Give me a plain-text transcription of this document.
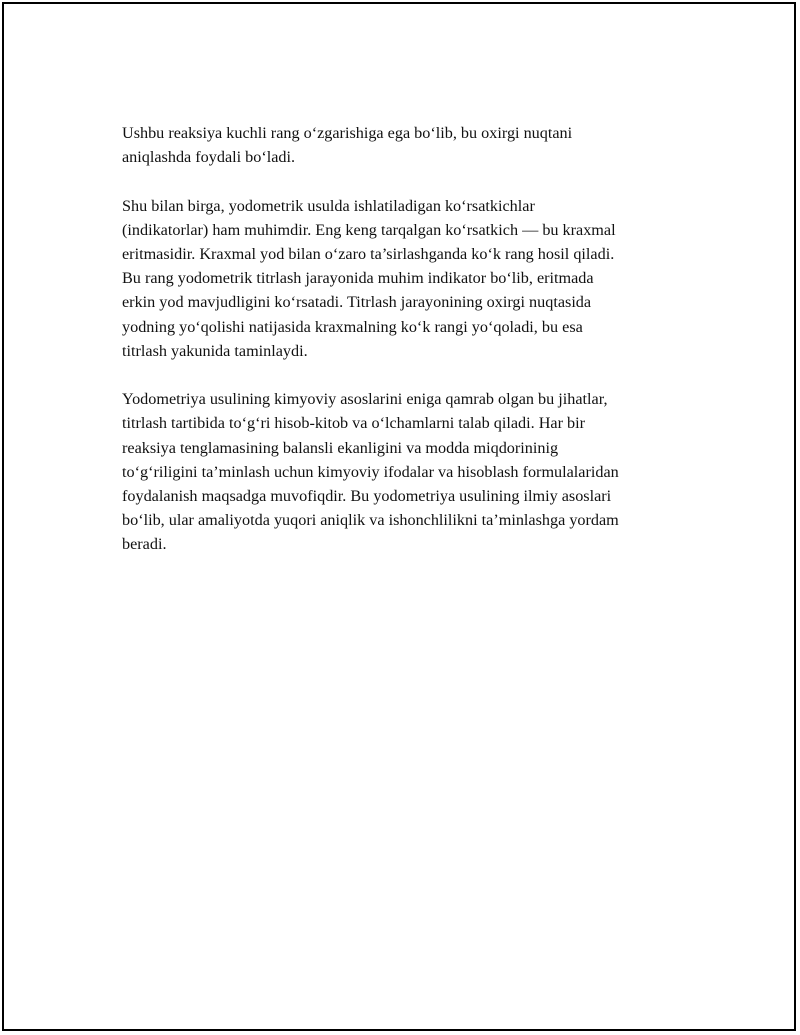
Ushbu reaksiya kuchli rang o‘zgarishiga ega bo‘lib, bu oxirgi nuqtani
aniqlashda foydali bo‘ladi.

Shu bilan birga, yodometrik usulda ishlatiladigan ko‘rsatkichlar
(indikatorlar) ham muhimdir. Eng keng tarqalgan ko‘rsatkich — bu kraxmal
eritmasidir. Kraxmal yod bilan o‘zaro ta’sirlashganda ko‘k rang hosil qiladi.
Bu rang yodometrik titrlash jarayonida muhim indikator bo‘lib, eritmada
erkin yod mavjudligini ko‘rsatadi. Titrlash jarayonining oxirgi nuqtasida
yodning yo‘qolishi natijasida kraxmalning ko‘k rangi yo‘qoladi, bu esa
titrlash yakunida taminlaydi.

Yodometriya usulining kimyoviy asoslarini eniga qamrab olgan bu jihatlar,
titrlash tartibida to‘g‘ri hisob-kitob va o‘lchamlarni talab qiladi. Har bir
reaksiya tenglamasining balansli ekanligini va modda miqdorininig
to‘g‘riligini ta’minlash uchun kimyoviy ifodalar va hisoblash formulalaridan
foydalanish maqsadga muvofiqdir. Bu yodometriya usulining ilmiy asoslari
bo‘lib, ular amaliyotda yuqori aniqlik va ishonchlilikni ta’minlashga yordam
beradi.
